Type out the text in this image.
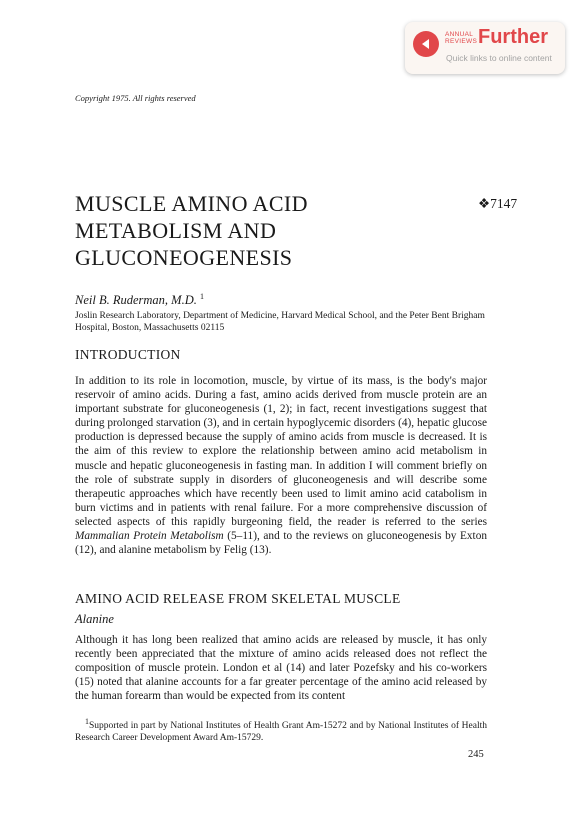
ANNUAL
REVIEWS Further
Quick links to online content
Copyright 1975. All rights reserved
MUSCLE AMINO ACID
METABOLISM AND
GLUCONEOGENESIS
❖7147
Neil B. Ruderman, M.D. $^1$
Joslin Research Laboratory, Department of Medicine, Harvard Medical School, and the Peter Bent Brigham Hospital, Boston, Massachusetts 02115
INTRODUCTION
In addition to its role in locomotion, muscle, by virtue of its mass, is the body's major reservoir of amino acids. During a fast, amino acids derived from muscle protein are an important substrate for gluconeogenesis (1, 2); in fact, recent investigations suggest that during prolonged starvation (3), and in certain hypoglycemic disorders (4), hepatic glucose production is depressed because the supply of amino acids from muscle is decreased. It is the aim of this review to explore the relationship between amino acid metabolism in muscle and hepatic gluconeogenesis in fasting man. In addition I will comment briefly on the role of substrate supply in disorders of gluconeogenesis and will describe some therapeutic approaches which have recently been used to limit amino acid catabolism in burn victims and in patients with renal failure. For a more comprehensive discussion of selected aspects of this rapidly burgeoning field, the reader is referred to the series Mammalian Protein Metabolism (5–11), and to the reviews on gluconeogenesis by Exton (12), and alanine metabolism by Felig (13).
AMINO ACID RELEASE FROM SKELETAL MUSCLE
Alanine
Although it has long been realized that amino acids are released by muscle, it has only recently been appreciated that the mixture of amino acids released does not reflect the composition of muscle protein. London et al (14) and later Pozefsky and his co-workers (15) noted that alanine accounts for a far greater percentage of the amino acid released by the human forearm than would be expected from its content
$^1$Supported in part by National Institutes of Health Grant Am-15272 and by National Institutes of Health Research Career Development Award Am-15729.
245
